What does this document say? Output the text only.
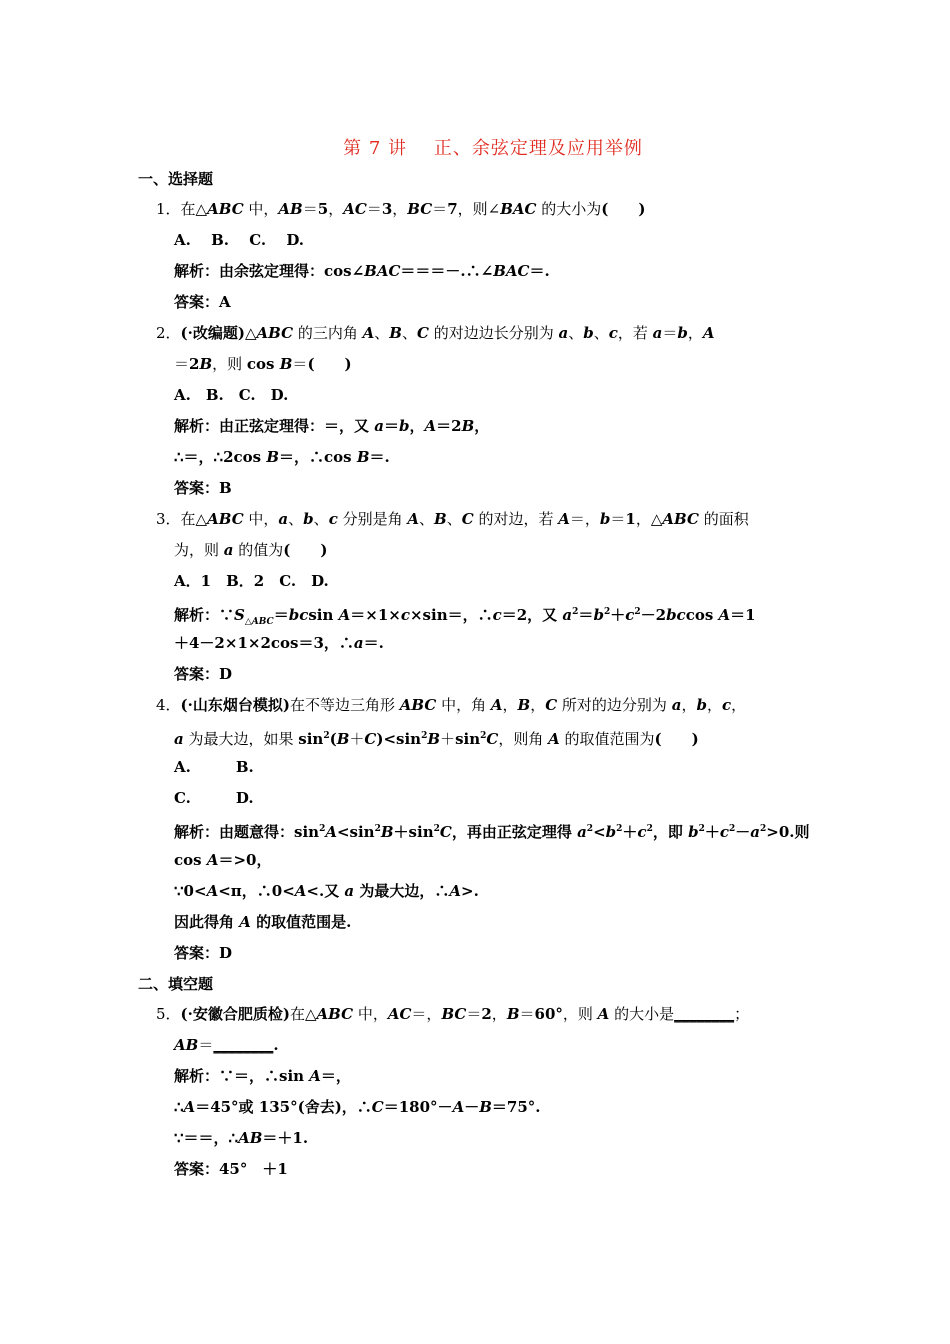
第 7 讲    正、余弦定理及应用举例
一、选择题
1．在△ABC 中，AB＝5，AC＝3，BC＝7，则∠BAC 的大小为(　　)
A.　 B.　 C.　 D.
解析：由余弦定理得：cos∠BAC＝＝＝－.∴∠BAC＝.
答案：A
2．(·改编题)△ABC 的三内角 A、B、C 的对边边长分别为 a、b、c，若 a＝b，A
＝2B，则 cos B＝(　　)
A.　B.　C.　D.
解析：由正弦定理得：＝，又 a＝b，A＝2B，
∴＝，∴2cos B＝，∴cos B＝.
答案：B
3．在△ABC 中，a、b、c 分别是角 A、B、C 的对边，若 A＝，b＝1，△ABC 的面积
为，则 a 的值为(　　)
A．1　B．2　C.　D.
解析：$\because S_{\triangle ABC}=bcsin$ A＝×1×c×sin＝，∴c＝2，又 $a^2=b^2+c^2-2bccos$ A＝1
＋4－2×1×2cos＝3，∴a＝.
答案：D
4．(·山东烟台模拟)在不等边三角形 ABC 中，角 A，B，C 所对的边分别为 a，b，c，
a 为最大边，如果 $\sin^2(B+C)<\sin^2B+\sin^2C$，则角 A 的取值范围为(　　)
A.　　　B.
C.　　　D.
解析：由题意得：$\sin^2A<\sin^2B+\sin^2C$，再由正弦定理得 $a^2<b^2+c^2$，即 $b^2+c^2-a^2>0$.则
cos A＝>0，
∵0<A<π，∴0<A<.又 a 为最大边，∴A>.
因此得角 A 的取值范围是.
答案：D
二、填空题
5．(·安徽合肥质检)在△ABC 中，AC＝，BC＝2，B＝60°，则 A 的大小是________；
AB＝________.
解析：∵＝，∴sin A＝，
∴A＝45°或 135°(舍去)，∴C＝180°－A－B＝75°.
∵＝＝，∴AB＝＋1.
答案：45°　＋1
